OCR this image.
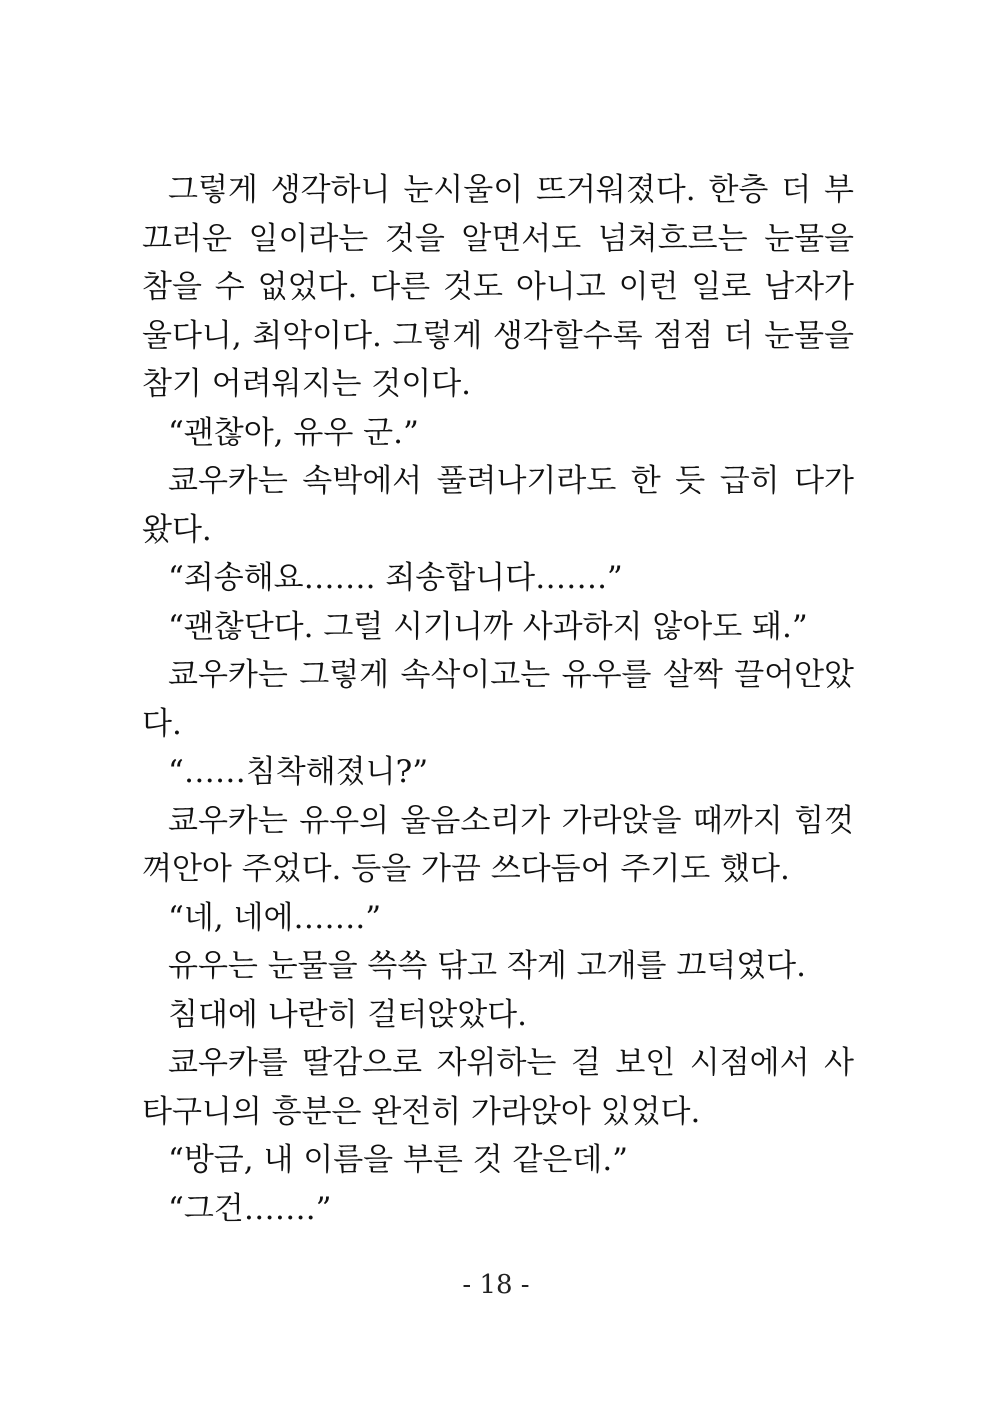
그렇게 생각하니 눈시울이 뜨거워졌다. 한층 더 부
끄러운 일이라는 것을 알면서도 넘쳐흐르는 눈물을
참을 수 없었다. 다른 것도 아니고 이런 일로 남자가
울다니, 최악이다. 그렇게 생각할수록 점점 더 눈물을
참기 어려워지는 것이다.
“괜찮아, 유우 군.”
쿄우카는 속박에서 풀려나기라도 한 듯 급히 다가
왔다.
“죄송해요……. 죄송합니다…….”
“괜찮단다. 그럴 시기니까 사과하지 않아도 돼.”
쿄우카는 그렇게 속삭이고는 유우를 살짝 끌어안았
다.
“……침착해졌니?”
쿄우카는 유우의 울음소리가 가라앉을 때까지 힘껏
껴안아 주었다. 등을 가끔 쓰다듬어 주기도 했다.
“네, 네에…….”
유우는 눈물을 쓱쓱 닦고 작게 고개를 끄덕였다.
침대에 나란히 걸터앉았다.
쿄우카를 딸감으로 자위하는 걸 보인 시점에서 사
타구니의 흥분은 완전히 가라앉아 있었다.
“방금, 내 이름을 부른 것 같은데.”
“그건…….”
- 18 -
